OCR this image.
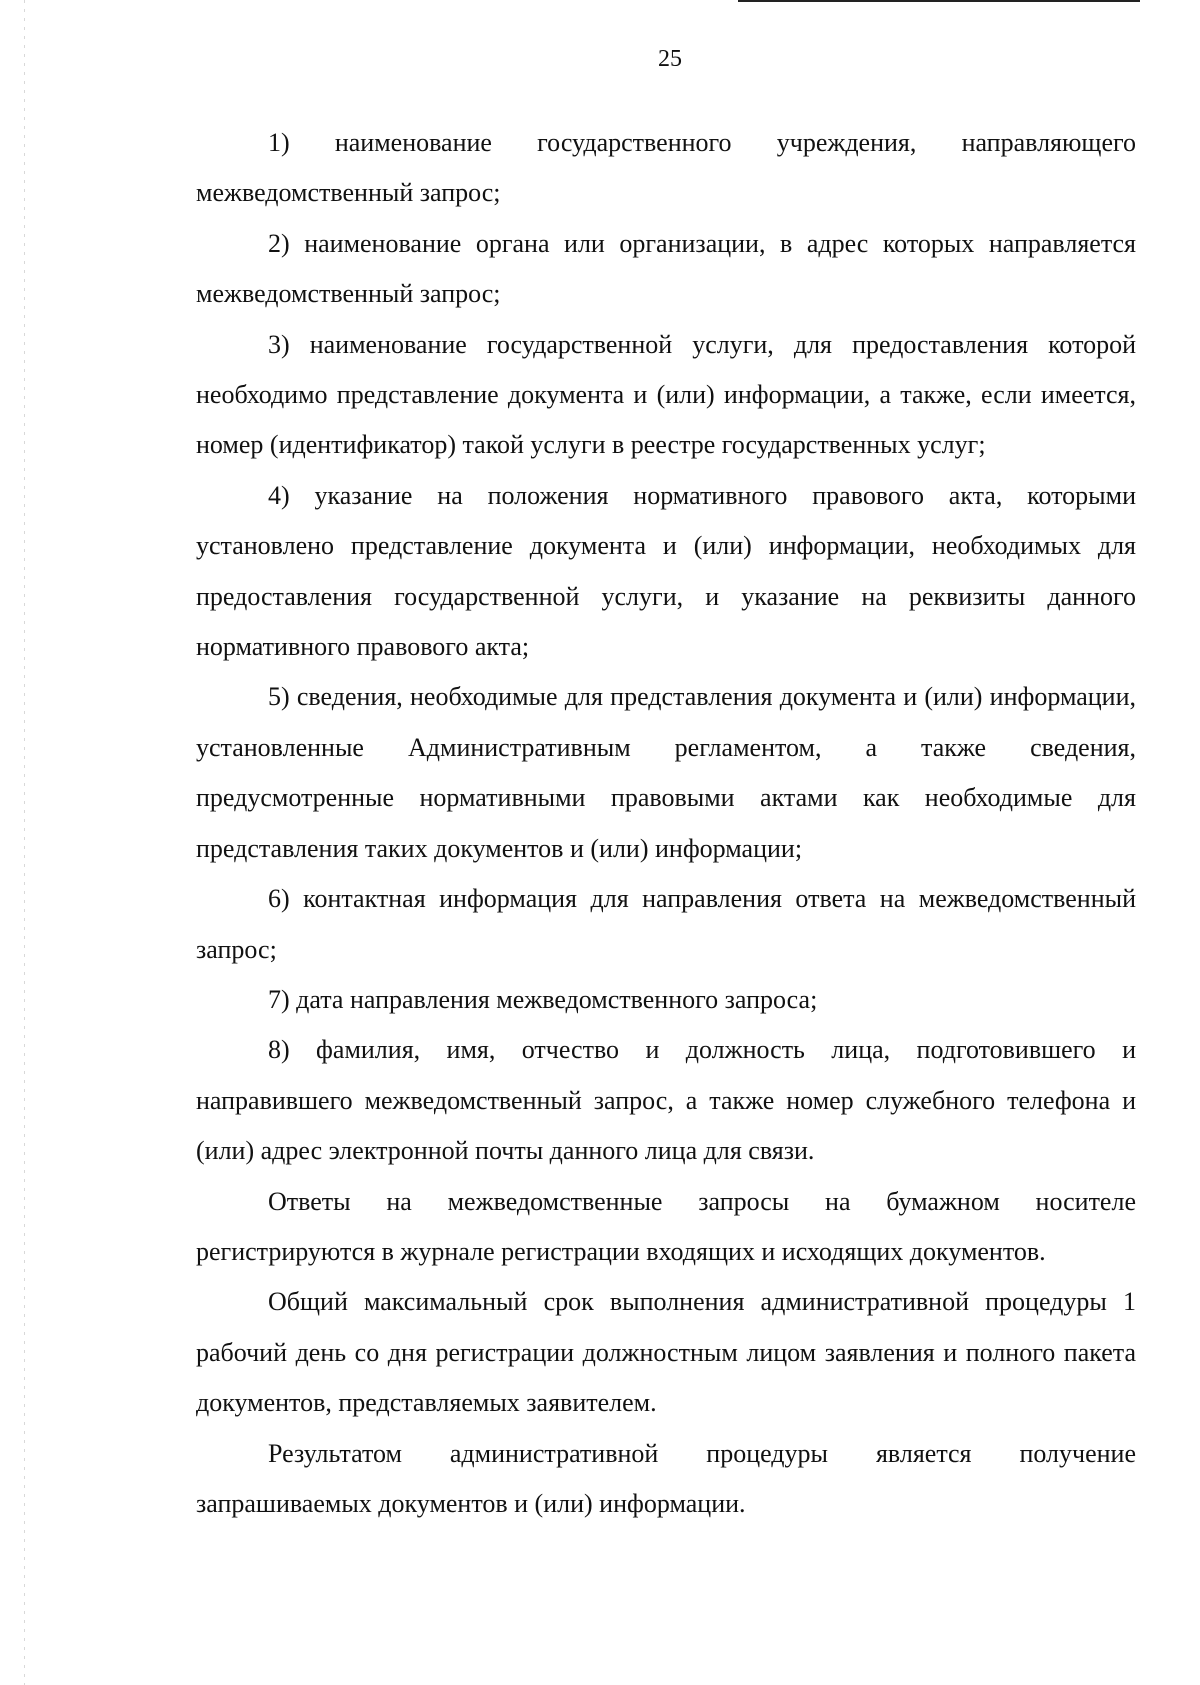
25

1) наименование государственного учреждения, направляющего межведомственный запрос;

2) наименование органа или организации, в адрес которых направляется межведомственный запрос;

3) наименование государственной услуги, для предоставления которой необходимо представление документа и (или) информации, а также, если имеется, номер (идентификатор) такой услуги в реестре государственных услуг;

4) указание на положения нормативного правового акта, которыми установлено представление документа и (или) информации, необходимых для предоставления государственной услуги, и указание на реквизиты данного нормативного правового акта;

5) сведения, необходимые для представления документа и (или) информации, установленные Административным регламентом, а также сведения, предусмотренные нормативными правовыми актами как необходимые для представления таких документов и (или) информации;

6) контактная информация для направления ответа на межведомственный запрос;

7) дата направления межведомственного запроса;

8) фамилия, имя, отчество и должность лица, подготовившего и направившего межведомственный запрос, а также номер служебного телефона и (или) адрес электронной почты данного лица для связи.

Ответы на межведомственные запросы на бумажном носителе регистрируются в журнале регистрации входящих и исходящих документов.

Общий максимальный срок выполнения административной процедуры 1 рабочий день со дня регистрации должностным лицом заявления и полного пакета документов, представляемых заявителем.

Результатом административной процедуры является получение запрашиваемых документов и (или) информации.
